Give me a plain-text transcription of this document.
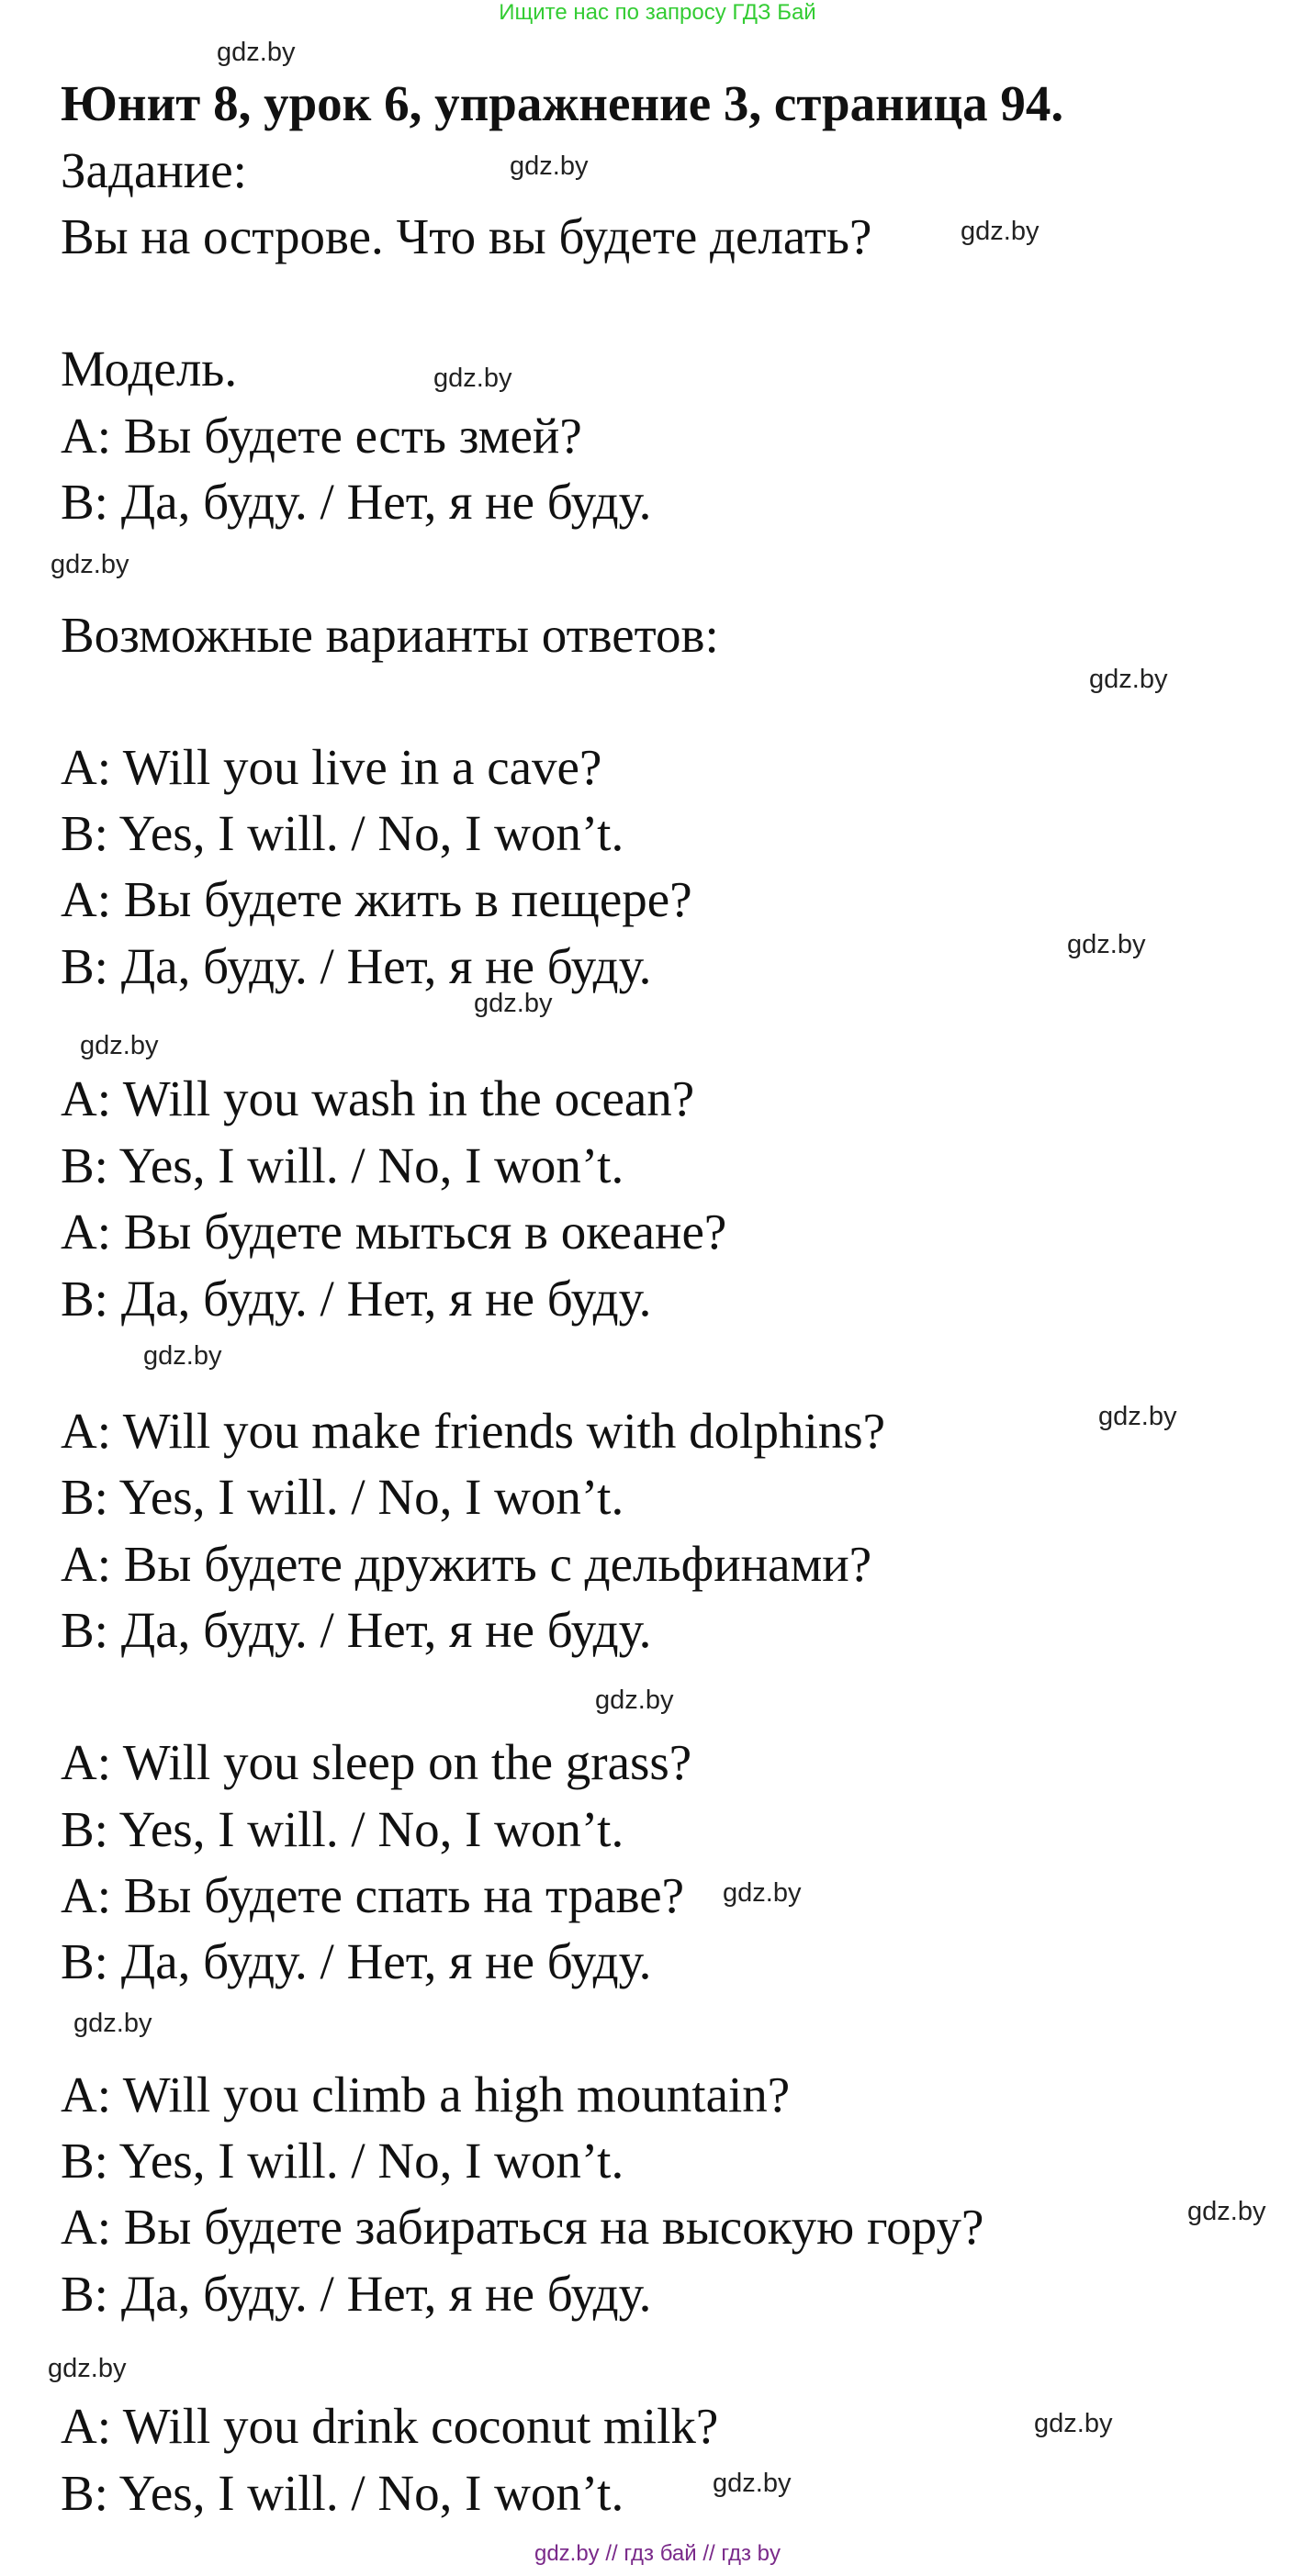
Ищите нас по запросу ГДЗ Бай
Юнит 8, урок 6, упражнение 3, страница 94.
Задание:
Вы на острове. Что вы будете делать?
Модель.
А: Вы будете есть змей?
В: Да, буду. / Нет, я не буду.
Возможные варианты ответов:
A: Will you live in a cave?
B: Yes, I will. / No, I won’t.
А: Вы будете жить в пещере?
В: Да, буду. / Нет, я не буду.
A: Will you wash in the ocean?
B: Yes, I will. / No, I won’t.
А: Вы будете мыться в океане?
В: Да, буду. / Нет, я не буду.
A: Will you make friends with dolphins?
B: Yes, I will. / No, I won’t.
А: Вы будете дружить с дельфинами?
В: Да, буду. / Нет, я не буду.
A: Will you sleep on the grass?
B: Yes, I will. / No, I won’t.
А: Вы будете спать на траве?
В: Да, буду. / Нет, я не буду.
A: Will you climb a high mountain?
B: Yes, I will. / No, I won’t.
А: Вы будете забираться на высокую гору?
В: Да, буду. / Нет, я не буду.
A: Will you drink coconut milk?
B: Yes, I will. / No, I won’t.
gdz.by
gdz.by
gdz.by
gdz.by
gdz.by
gdz.by
gdz.by
gdz.by
gdz.by
gdz.by
gdz.by
gdz.by
gdz.by
gdz.by
gdz.by
gdz.by
gdz.by
gdz.by
gdz.by // гдз бай // гдз by
